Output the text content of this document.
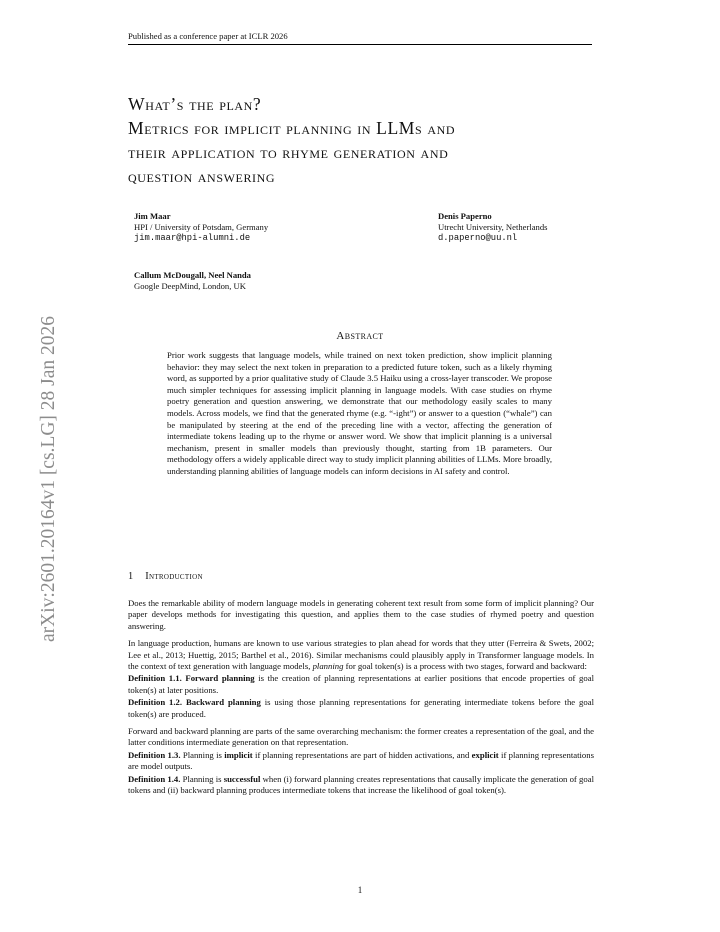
Published as a conference paper at ICLR 2026
What’s the plan?
Metrics for implicit planning in LLMs and
their application to rhyme generation and
question answering
Jim Maar
HPI / University of Potsdam, Germany
jim.maar@hpi-alumni.de
Denis Paperno
Utrecht University, Netherlands
d.paperno@uu.nl
Callum McDougall, Neel Nanda
Google DeepMind, London, UK
arXiv:2601.20164v1 [cs.LG] 28 Jan 2026	Abstract

Prior work suggests that language models, while trained on next token prediction, show implicit planning behavior: they may select the next token in preparation to a predicted future token, such as a likely rhyming word, as supported by a prior qualitative study of Claude 3.5 Haiku using a cross-layer transcoder. We propose much simpler techniques for assessing implicit planning in language models. With case studies on rhyme poetry generation and question answering, we demonstrate that our methodology easily scales to many models. Across models, we find that the generated rhyme (e.g. “-ight”) or answer to a question (“whale”) can be manipulated by steering at the end of the preceding line with a vector, affecting the generation of intermediate tokens leading up to the rhyme or answer word. We show that implicit planning is a universal mechanism, present in smaller models than previously thought, starting from 1B parameters. Our methodology offers a widely applicable direct way to study implicit planning abilities of LLMs. More broadly, understanding planning abilities of language models can inform decisions in AI safety and control.

1 Introduction

Does the remarkable ability of modern language models in generating coherent text result from some form of implicit planning? Our paper develops methods for investigating this question, and applies them to the case studies of rhymed poetry and question answering.

In language production, humans are known to use various strategies to plan ahead for words that they utter (Ferreira & Swets, 2002; Lee et al., 2013; Huettig, 2015; Barthel et al., 2016). Similar mechanisms could plausibly apply in Transformer language models. In the context of text generation with language models, planning for goal token(s) is a process with two stages, forward and backward:

Definition 1.1. Forward planning is the creation of planning representations at earlier positions that encode properties of goal token(s) at later positions.

Definition 1.2. Backward planning is using those planning representations for generating intermediate tokens before the goal token(s) are produced.

Forward and backward planning are parts of the same overarching mechanism: the former creates a representation of the goal, and the latter conditions intermediate generation on that representation.

Definition 1.3. Planning is implicit if planning representations are part of hidden activations, and explicit if planning representations are model outputs.

Definition 1.4. Planning is successful when (i) forward planning creates representations that causally implicate the generation of goal tokens and (ii) backward planning produces intermediate tokens that increase the likelihood of goal token(s).

1
